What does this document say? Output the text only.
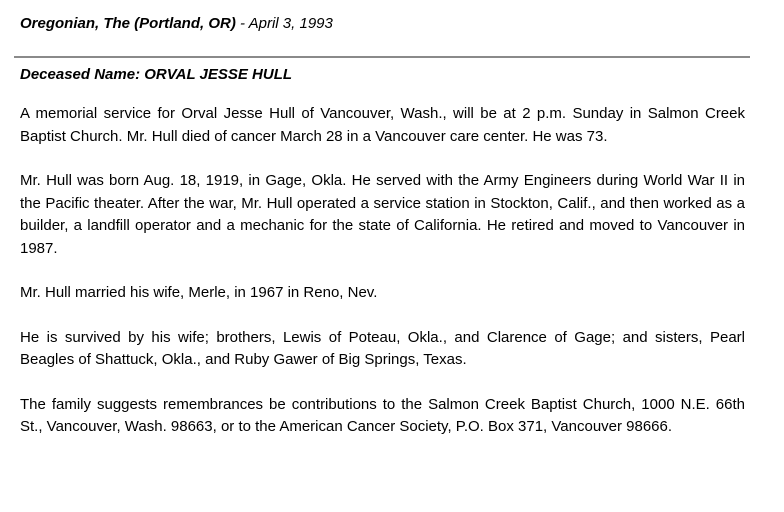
Oregonian, The (Portland, OR) - April 3, 1993
Deceased Name: ORVAL JESSE HULL

A memorial service for Orval Jesse Hull of Vancouver, Wash., will be at 2 p.m. Sunday in Salmon Creek Baptist Church. Mr. Hull died of cancer March 28 in a Vancouver care center. He was 73.

Mr. Hull was born Aug. 18, 1919, in Gage, Okla. He served with the Army Engineers during World War II in the Pacific theater. After the war, Mr. Hull operated a service station in Stockton, Calif., and then worked as a builder, a landfill operator and a mechanic for the state of California. He retired and moved to Vancouver in 1987.

Mr. Hull married his wife, Merle, in 1967 in Reno, Nev.

He is survived by his wife; brothers, Lewis of Poteau, Okla., and Clarence of Gage; and sisters, Pearl Beagles of Shattuck, Okla., and Ruby Gawer of Big Springs, Texas.

The family suggests remembrances be contributions to the Salmon Creek Baptist Church, 1000 N.E. 66th St., Vancouver, Wash. 98663, or to the American Cancer Society, P.O. Box 371, Vancouver 98666.
